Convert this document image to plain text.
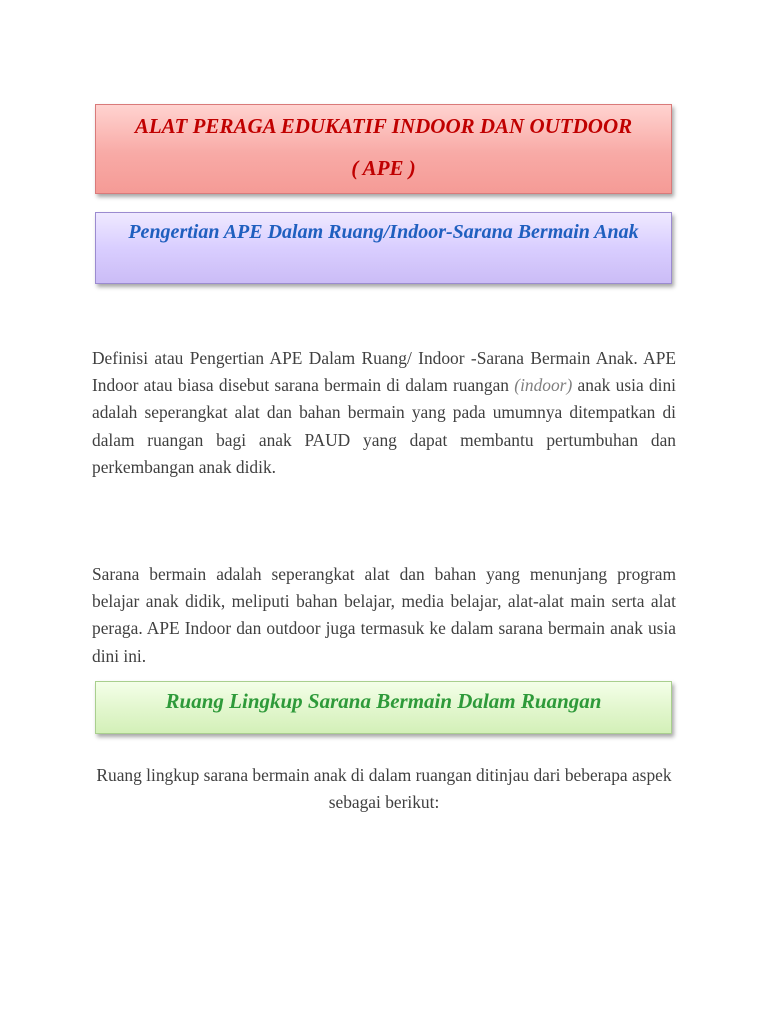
ALAT PERAGA EDUKATIF INDOOR DAN OUTDOOR
( APE )
Pengertian APE Dalam Ruang/Indoor-Sarana Bermain Anak

Definisi atau Pengertian APE Dalam Ruang/ Indoor -Sarana Bermain Anak. APE Indoor atau biasa disebut sarana bermain di dalam ruangan (indoor) anak usia dini adalah seperangkat alat dan bahan bermain yang pada umumnya ditempatkan di dalam ruangan bagi anak PAUD yang dapat membantu pertumbuhan dan perkembangan anak didik.

Sarana bermain adalah seperangkat alat dan bahan yang menunjang program belajar anak didik, meliputi bahan belajar, media belajar, alat-alat main serta alat peraga. APE Indoor dan outdoor juga termasuk ke dalam sarana bermain anak usia dini ini.

Ruang Lingkup Sarana Bermain Dalam Ruangan

Ruang lingkup sarana bermain anak di dalam ruangan ditinjau dari beberapa aspek sebagai berikut:
